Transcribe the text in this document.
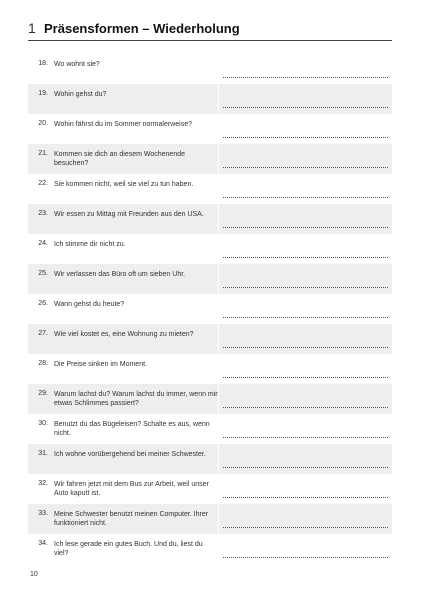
1 Präsensformen – Wiederholung
18. Wo wohnt sie?
19. Wohin gehst du?
20. Wohin fährst du im Sommer normalerweise?
21. Kommen sie dich an diesem Wochenende besuchen?
22. Sie kommen nicht, weil sie viel zu tun haben.
23. Wir essen zu Mittag mit Freunden aus den USA.
24. Ich stimme dir nicht zu.
25. Wir verlassen das Büro oft um sieben Uhr.
26. Wann gehst du heute?
27. Wie viel kostet es, eine Wohnung zu mieten?
28. Die Preise sinken im Moment.
29. Warum lachst du? Warum lachst du immer, wenn mir etwas Schlimmes passiert?
30. Benutzt du das Bügeleisen? Schalte es aus, wenn nicht.
31. Ich wohne vorübergehend bei meiner Schwester.
32. Wir fahren jetzt mit dem Bus zur Arbeit, weil unser Auto kaputt ist.
33. Meine Schwester benutzt meinen Computer. Ihrer funktioniert nicht.
34. Ich lese gerade ein gutes Buch. Und du, liest du viel?
10
